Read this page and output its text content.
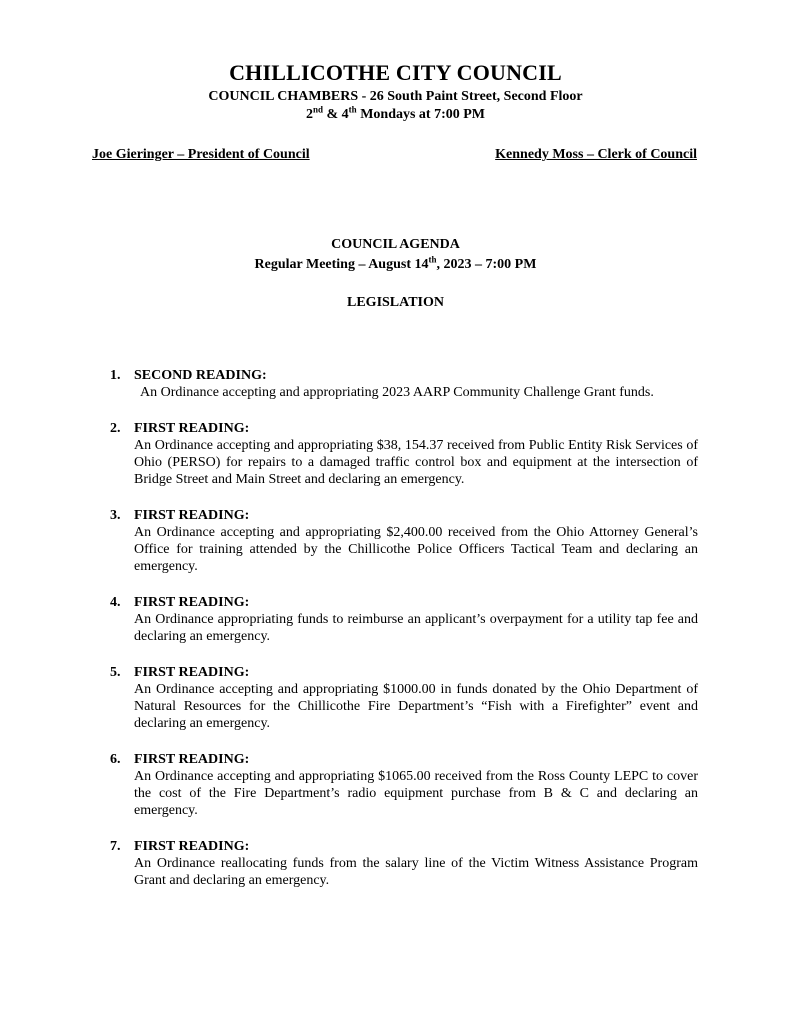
CHILLICOTHE CITY COUNCIL
COUNCIL CHAMBERS - 26 South Paint Street, Second Floor
2nd & 4th Mondays at 7:00 PM
Joe Gieringer – President of Council	Kennedy Moss – Clerk of Council
COUNCIL AGENDA
Regular Meeting – August 14th, 2023 – 7:00 PM
LEGISLATION
1. SECOND READING:
An Ordinance accepting and appropriating 2023 AARP Community Challenge Grant funds.
2. FIRST READING:
An Ordinance accepting and appropriating $38, 154.37 received from Public Entity Risk Services of Ohio (PERSO) for repairs to a damaged traffic control box and equipment at the intersection of Bridge Street and Main Street and declaring an emergency.
3. FIRST READING:
An Ordinance accepting and appropriating $2,400.00 received from the Ohio Attorney General’s Office for training attended by the Chillicothe Police Officers Tactical Team and declaring an emergency.
4. FIRST READING:
An Ordinance appropriating funds to reimburse an applicant’s overpayment for a utility tap fee and declaring an emergency.
5. FIRST READING:
An Ordinance accepting and appropriating $1000.00 in funds donated by the Ohio Department of Natural Resources for the Chillicothe Fire Department’s “Fish with a Firefighter” event and declaring an emergency.
6. FIRST READING:
An Ordinance accepting and appropriating $1065.00 received from the Ross County LEPC to cover the cost of the Fire Department’s radio equipment purchase from B & C and declaring an emergency.
7. FIRST READING:
An Ordinance reallocating funds from the salary line of the Victim Witness Assistance Program Grant and declaring an emergency.
